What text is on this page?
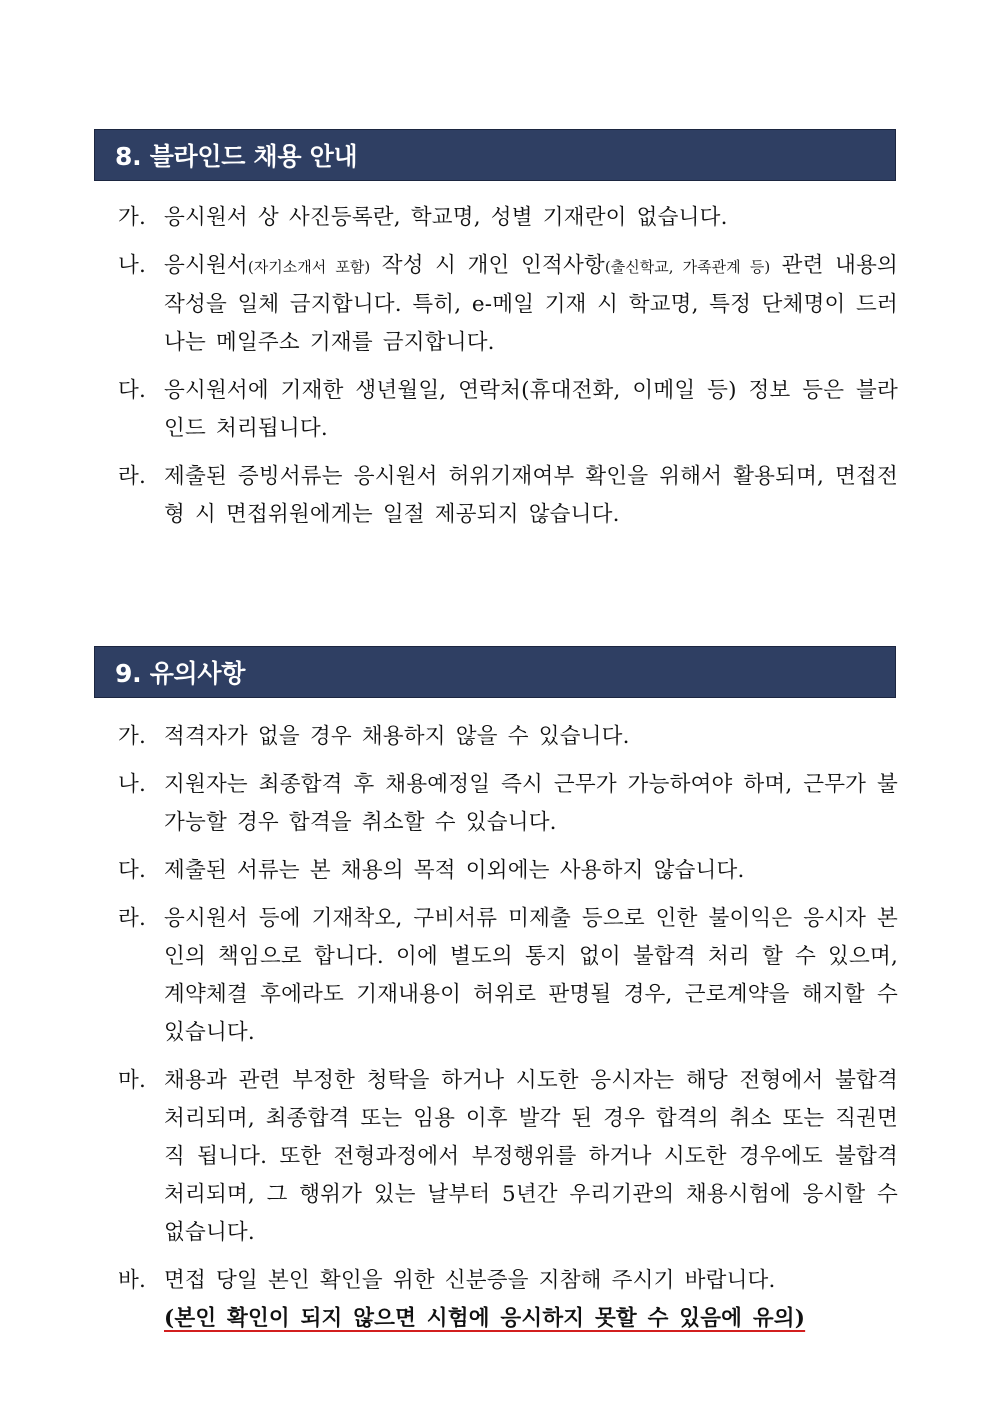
8. 블라인드 채용 안내
가. 응시원서 상 사진등록란, 학교명, 성별 기재란이 없습니다.
나. 응시원서(자기소개서 포함) 작성 시 개인 인적사항(출신학교, 가족관계 등) 관련 내용의 작성을 일체 금지합니다. 특히, e-메일 기재 시 학교명, 특정 단체명이 드러나는 메일주소 기재를 금지합니다.
다. 응시원서에 기재한 생년월일, 연락처(휴대전화, 이메일 등) 정보 등은 블라인드 처리됩니다.
라. 제출된 증빙서류는 응시원서 허위기재여부 확인을 위해서 활용되며, 면접전형 시 면접위원에게는 일절 제공되지 않습니다.
9. 유의사항
가. 적격자가 없을 경우 채용하지 않을 수 있습니다.
나. 지원자는 최종합격 후 채용예정일 즉시 근무가 가능하여야 하며, 근무가 불가능할 경우 합격을 취소할 수 있습니다.
다. 제출된 서류는 본 채용의 목적 이외에는 사용하지 않습니다.
라. 응시원서 등에 기재착오, 구비서류 미제출 등으로 인한 불이익은 응시자 본인의 책임으로 합니다. 이에 별도의 통지 없이 불합격 처리 할 수 있으며, 계약체결 후에라도 기재내용이 허위로 판명될 경우, 근로계약을 해지할 수 있습니다.
마. 채용과 관련 부정한 청탁을 하거나 시도한 응시자는 해당 전형에서 불합격 처리되며, 최종합격 또는 임용 이후 발각 된 경우 합격의 취소 또는 직권면직 됩니다. 또한 전형과정에서 부정행위를 하거나 시도한 경우에도 불합격 처리되며, 그 행위가 있는 날부터 5년간 우리기관의 채용시험에 응시할 수 없습니다.
바. 면접 당일 본인 확인을 위한 신분증을 지참해 주시기 바랍니다.
(본인 확인이 되지 않으면 시험에 응시하지 못할 수 있음에 유의)
